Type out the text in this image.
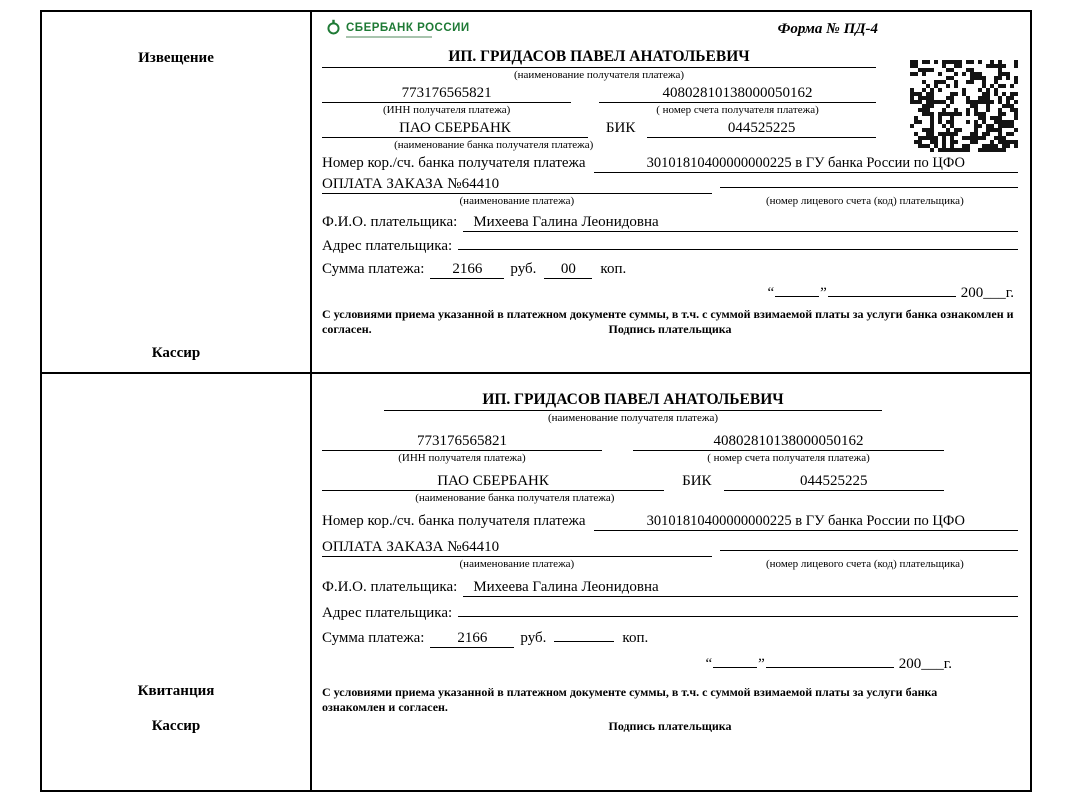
Извещение
Кассир
СБЕРБАНК РОССИИ	Форма № ПД-4
ИП. ГРИДАСОВ ПАВЕЛ АНАТОЛЬЕВИЧ
(наименование получателя платежа)
773176565821	40802810138000050162
(ИНН получателя платежа)	( номер счета получателя платежа)
ПАО СБЕРБАНК	БИК	044525225
(наименование банка получателя платежа)
Номер кор./сч. банка получателя платежа	30101810400000000225 в ГУ банка России по ЦФО
ОПЛАТА ЗАКАЗА №64410
(наименование платежа)	(номер лицевого счета (код) плательщика)
Ф.И.О. плательщика:	Михеева Галина Леонидовна
Адрес плательщика:
Сумма платежа:	2166	руб.	00	коп.
“	”	200___г.
С условиями приема указанной в платежном документе суммы, в т.ч. с суммой взимаемой платы за услуги банка ознакомлен и согласен.	Подпись плательщика
Квитанция
Кассир
ИП. ГРИДАСОВ ПАВЕЛ АНАТОЛЬЕВИЧ
(наименование получателя платежа)
773176565821	40802810138000050162
(ИНН получателя платежа)	( номер счета получателя платежа)
ПАО СБЕРБАНК	БИК	044525225
(наименование банка получателя платежа)
Номер кор./сч. банка получателя платежа	30101810400000000225 в ГУ банка России по ЦФО
ОПЛАТА ЗАКАЗА №64410
(наименование платежа)	(номер лицевого счета (код) плательщика)
Ф.И.О. плательщика:	Михеева Галина Леонидовна
Адрес плательщика:
Сумма платежа:	2166	руб.	коп.
“	”	200___г.
С условиями приема указанной в платежном документе суммы, в т.ч. с суммой взимаемой платы за услуги банка ознакомлен и согласен.
Подпись плательщика
